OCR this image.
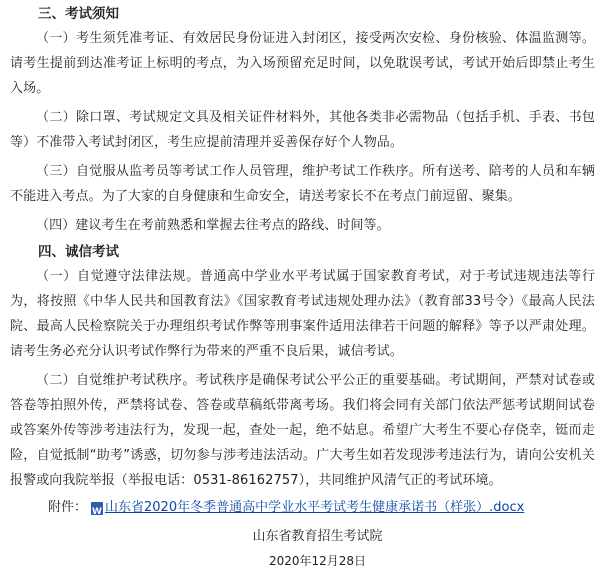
三、考试须知

（一）考生须凭准考证、有效居民身份证进入封闭区，接受两次安检、身份核验、体温监测等。请考生提前到达准考证上标明的考点，为入场预留充足时间，以免耽误考试，考试开始后即禁止考生入场。

（二）除口罩、考试规定文具及相关证件材料外，其他各类非必需物品（包括手机、手表、书包等）不准带入考试封闭区，考生应提前清理并妥善保存好个人物品。

（三）自觉服从监考员等考试工作人员管理，维护考试工作秩序。所有送考、陪考的人员和车辆不能进入考点。为了大家的自身健康和生命安全，请送考家长不在考点门前逗留、聚集。

（四）建议考生在考前熟悉和掌握去往考点的路线、时间等。

四、诚信考试

（一）自觉遵守法律法规。普通高中学业水平考试属于国家教育考试，对于考试违规违法等行为，将按照《中华人民共和国教育法》《国家教育考试违规处理办法》（教育部33号令）《最高人民法院、最高人民检察院关于办理组织考试作弊等刑事案件适用法律若干问题的解释》等予以严肃处理。请考生务必充分认识考试作弊行为带来的严重不良后果，诚信考试。

（二）自觉维护考试秩序。考试秩序是确保考试公平公正的重要基础。考试期间，严禁对试卷或答卷等拍照外传，严禁将试卷、答卷或草稿纸带离考场。我们将会同有关部门依法严惩考试期间试卷或答案外传等涉考违法行为，发现一起，查处一起，绝不姑息。希望广大考生不要心存侥幸，铤而走险，自觉抵制“助考”诱惑，切勿参与涉考违法活动。广大考生如若发现涉考违法行为，请向公安机关报警或向我院举报（举报电话：0531-86162757），共同维护风清气正的考试环境。

附件：
W 山东省2020年冬季普通高中学业水平考试考生健康承诺书（样张）.docx
山东省教育招生考试院
2020年12月28日
